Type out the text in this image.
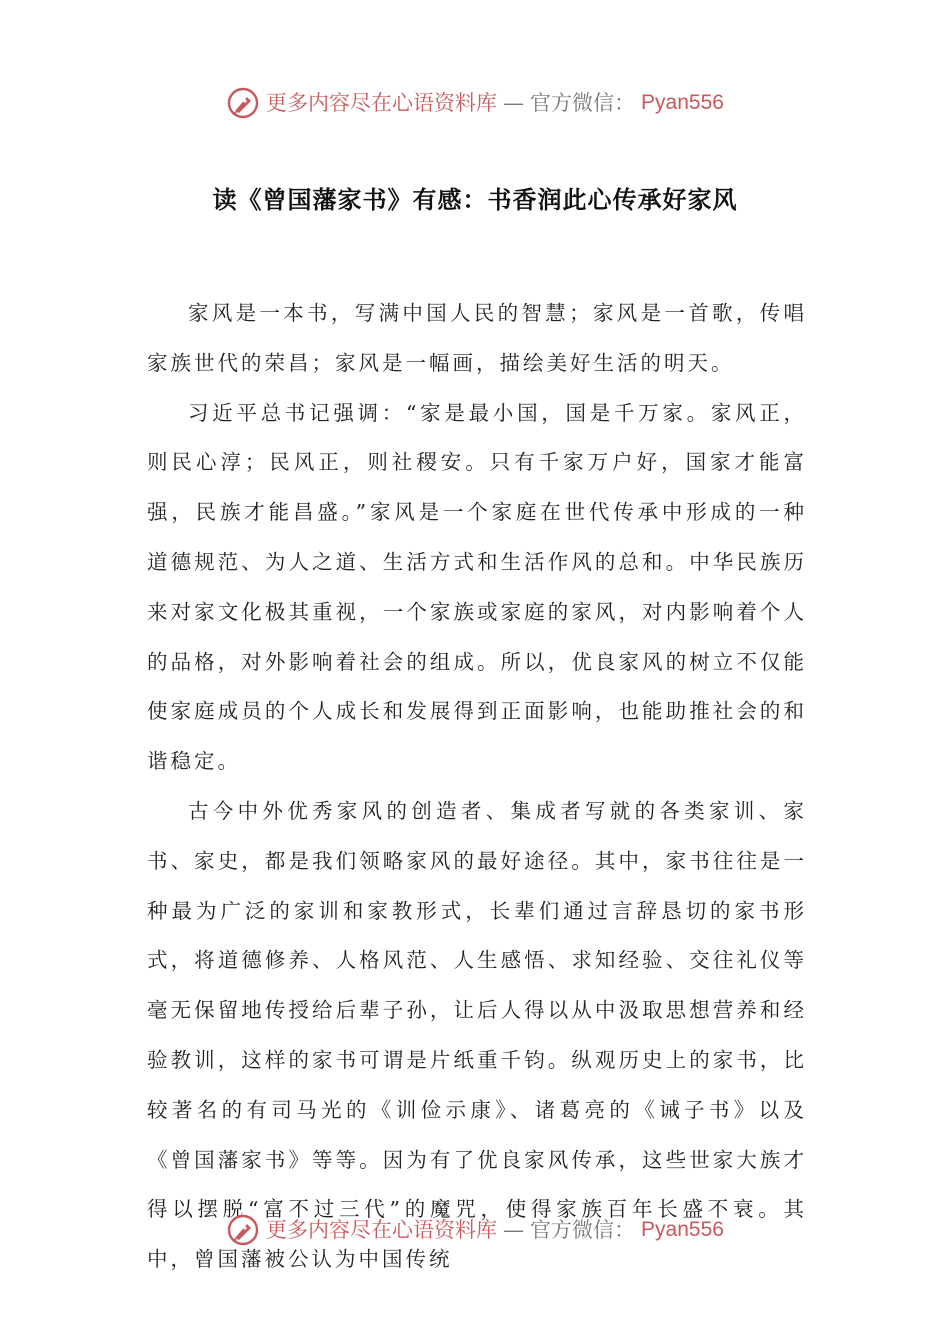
更多内容尽在心语资料库 — 官方微信： Pyan556
读《曾国藩家书》有感：书香润此心传承好家风

家风是一本书，写满中国人民的智慧；家风是一首歌，传唱家族世代的荣昌；家风是一幅画，描绘美好生活的明天。

习近平总书记强调：“家是最小国，国是千万家。家风正，则民心淳；民风正，则社稷安。只有千家万户好，国家才能富强，民族才能昌盛。”家风是一个家庭在世代传承中形成的一种道德规范、为人之道、生活方式和生活作风的总和。中华民族历来对家文化极其重视，一个家族或家庭的家风，对内影响着个人的品格，对外影响着社会的组成。所以，优良家风的树立不仅能使家庭成员的个人成长和发展得到正面影响，也能助推社会的和谐稳定。

古今中外优秀家风的创造者、集成者写就的各类家训、家书、家史，都是我们领略家风的最好途径。其中，家书往往是一种最为广泛的家训和家教形式，长辈们通过言辞恳切的家书形式，将道德修养、人格风范、人生感悟、求知经验、交往礼仪等毫无保留地传授给后辈子孙，让后人得以从中汲取思想营养和经验教训，这样的家书可谓是片纸重千钧。纵观历史上的家书，比较著名的有司马光的《训俭示康》、诸葛亮的《诫子书》以及《曾国藩家书》等等。因为有了优良家风传承，这些世家大族才得以摆脱“富不过三代”的魔咒，使得家族百年长盛不衰。其中，曾国藩被公认为中国传统

更多内容尽在心语资料库 — 官方微信： Pyan556
